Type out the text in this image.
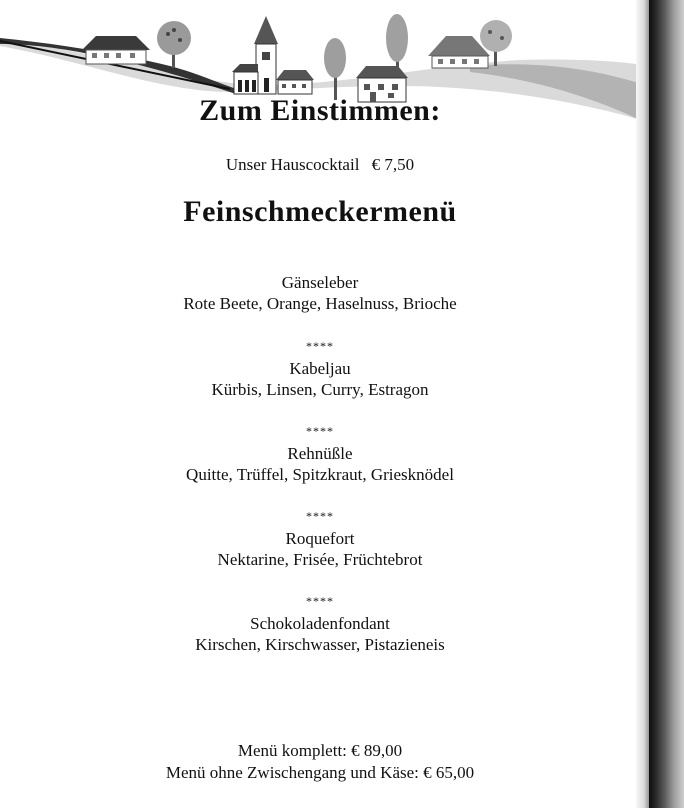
Zum Einstimmen:
Unser Hauscocktail € 7,50
Feinschmeckermenü
Gänseleber
Rote Beete, Orange, Haselnuss, Brioche
****
Kabeljau
Kürbis, Linsen, Curry, Estragon
****
Rehnüßle
Quitte, Trüffel, Spitzkraut, Griesknödel
****
Roquefort
Nektarine, Frisée, Früchtebrot
****
Schokoladenfondant
Kirschen, Kirschwasser, Pistazieneis
Menü komplett: € 89,00
Menü ohne Zwischengang und Käse: € 65,00
